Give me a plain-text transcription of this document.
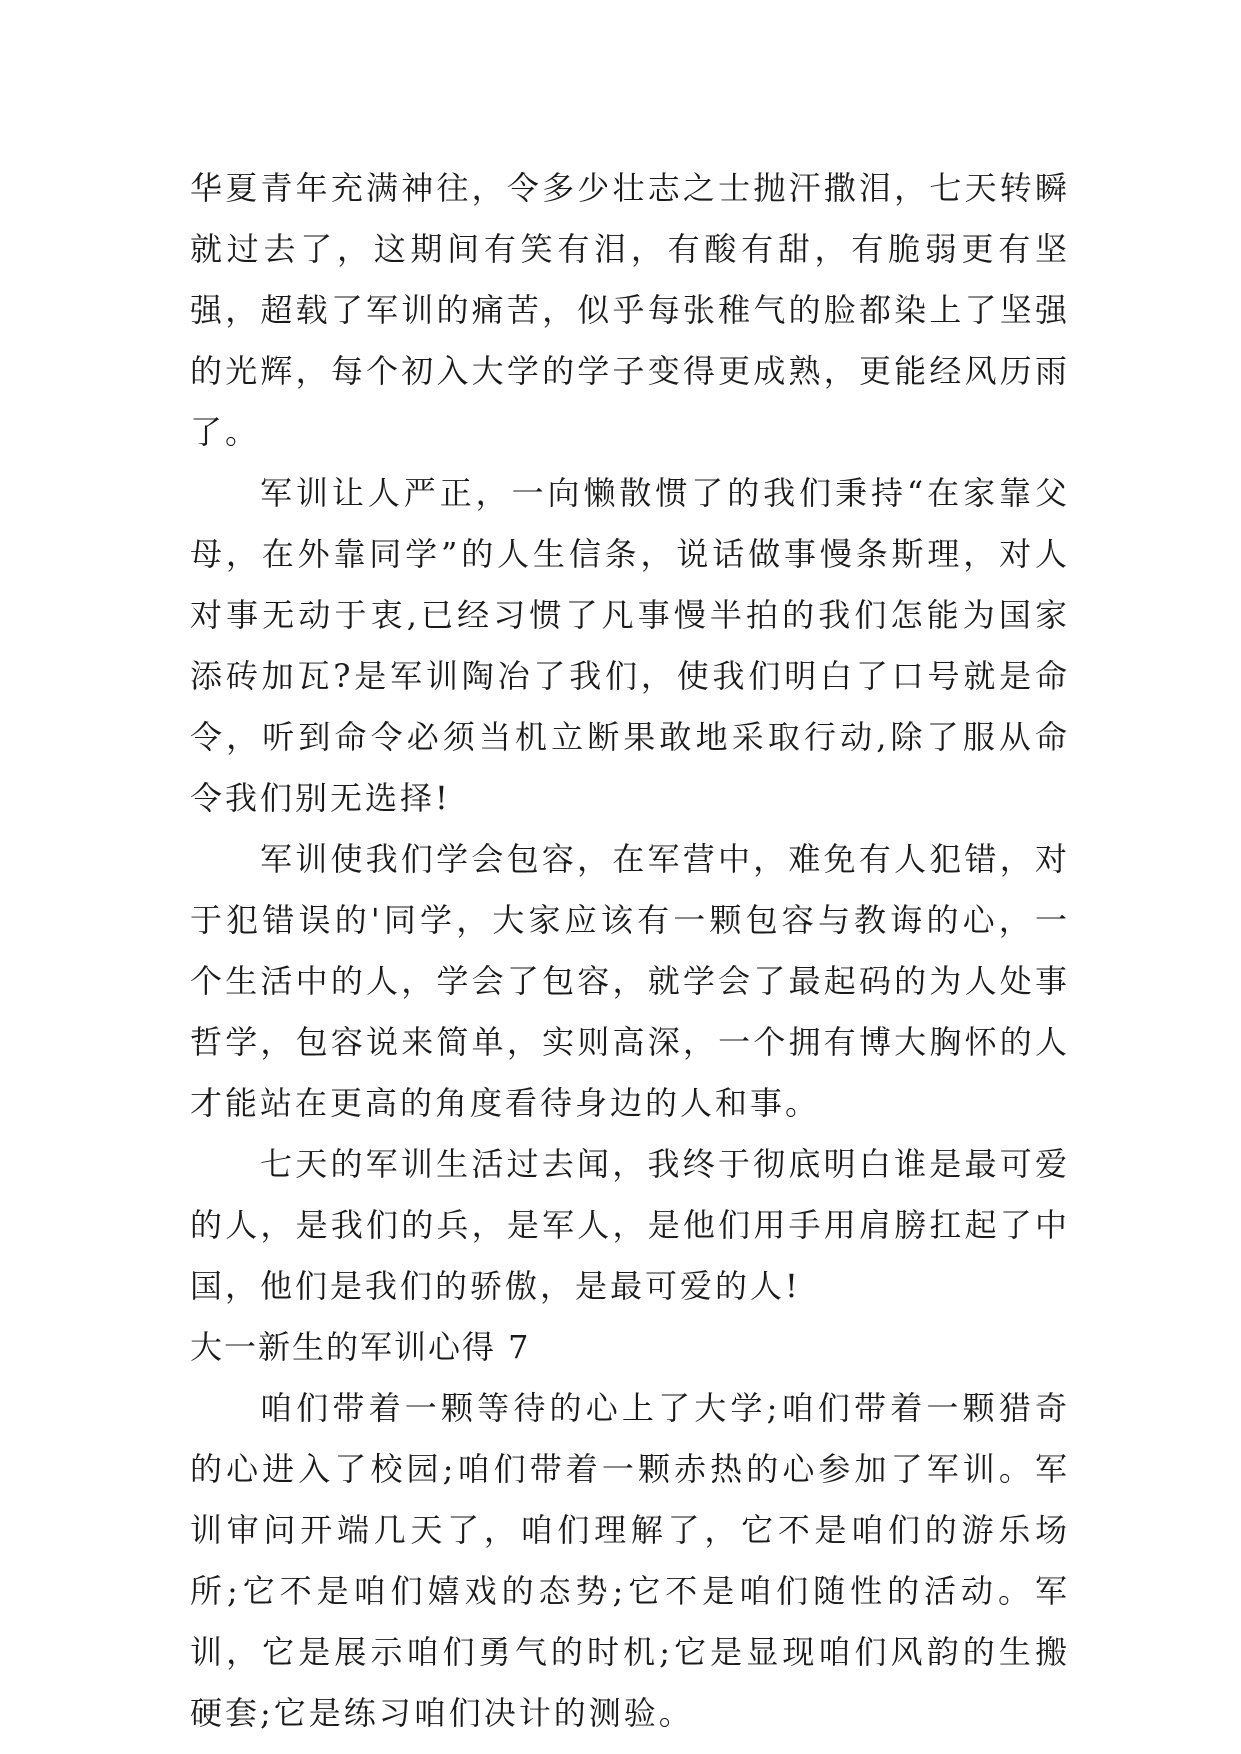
华夏青年充满神往，令多少壮志之士抛汗撒泪，七天转瞬就过去了，这期间有笑有泪，有酸有甜，有脆弱更有坚强，超载了军训的痛苦，似乎每张稚气的脸都染上了坚强的光辉，每个初入大学的学子变得更成熟，更能经风历雨了。

军训让人严正，一向懒散惯了的我们秉持“在家靠父母，在外靠同学”的人生信条，说话做事慢条斯理，对人对事无动于衷,已经习惯了凡事慢半拍的我们怎能为国家添砖加瓦?是军训陶冶了我们，使我们明白了口号就是命令，听到命令必须当机立断果敢地采取行动,除了服从命令我们别无选择!

军训使我们学会包容，在军营中，难免有人犯错，对于犯错误的'同学，大家应该有一颗包容与教诲的心，一个生活中的人，学会了包容，就学会了最起码的为人处事哲学，包容说来简单，实则高深，一个拥有博大胸怀的人才能站在更高的角度看待身边的人和事。

七天的军训生活过去闻，我终于彻底明白谁是最可爱的人，是我们的兵，是军人，是他们用手用肩膀扛起了中国，他们是我们的骄傲，是最可爱的人!

大一新生的军训心得 7

咱们带着一颗等待的心上了大学;咱们带着一颗猎奇的心进入了校园;咱们带着一颗赤热的心参加了军训。军训审问开端几天了，咱们理解了，它不是咱们的游乐场所;它不是咱们嬉戏的态势;它不是咱们随性的活动。军训，它是展示咱们勇气的时机;它是显现咱们风韵的生搬硬套;它是练习咱们决计的测验。
